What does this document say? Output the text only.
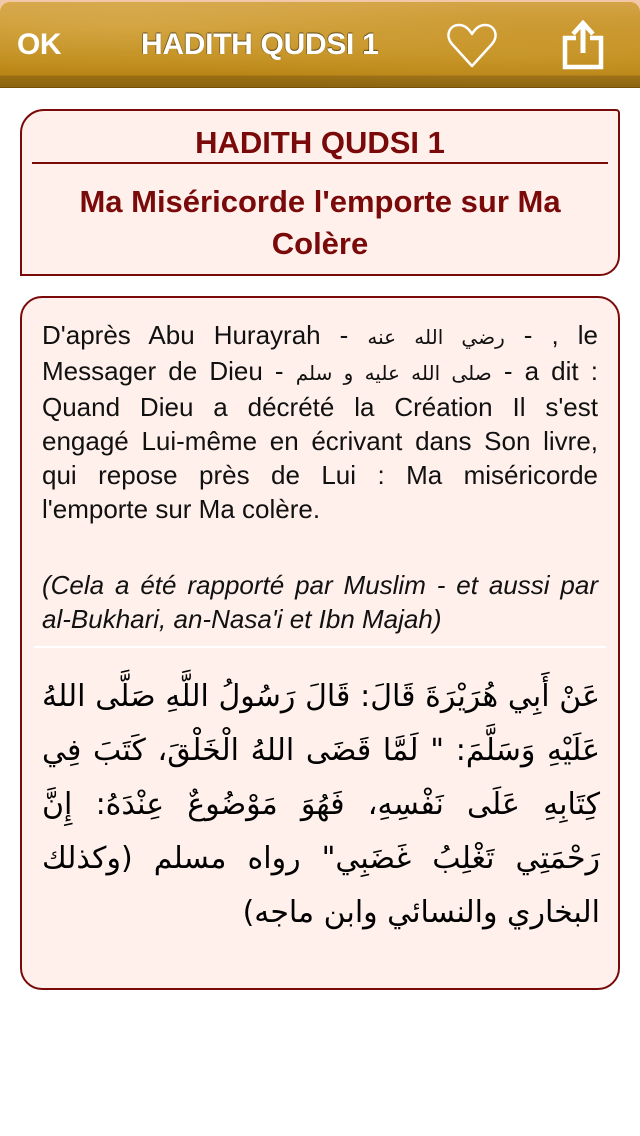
OK	HADITH QUDSI 1
HADITH QUDSI 1
Ma Miséricorde l'emporte sur Ma Colère
D'après Abu Hurayrah - رضي الله عنه - , le Messager de Dieu - صلى الله عليه و سلم - a dit : Quand Dieu a décrété la Création Il s'est engagé Lui-même en écrivant dans Son livre, qui repose près de Lui : Ma miséricorde l'emporte sur Ma colère.
(Cela a été rapporté par Muslim - et aussi par al-Bukhari, an-Nasa'i et Ibn Majah)
عَنْ أَبِي هُرَيْرَةَ قَالَ: قَالَ رَسُولُ اللَّهِ صَلَّى اللهُ عَلَيْهِ وَسَلَّمَ: " لَمَّا قَضَى اللهُ الْخَلْقَ، كَتَبَ فِي كِتَابِهِ عَلَى نَفْسِهِ، فَهُوَ مَوْضُوعٌ عِنْدَهُ: إِنَّ رَحْمَتِي تَغْلِبُ غَضَبِي" رواه مسلم (وكذلك البخاري والنسائي وابن ماجه)
